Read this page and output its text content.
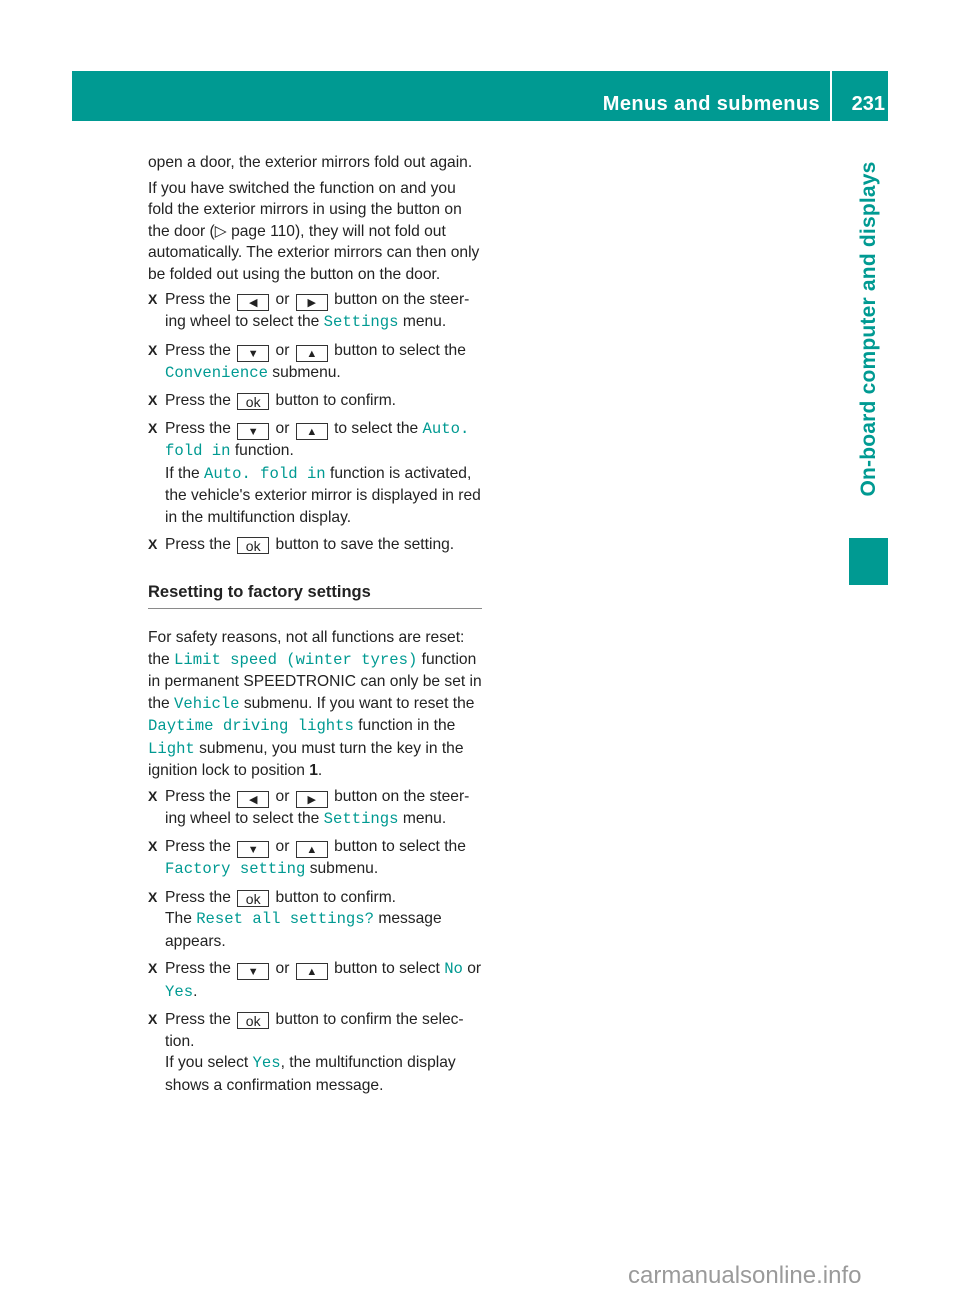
Menus and submenus 231
On-board computer and displays

open a door, the exterior mirrors fold out again.

If you have switched the function on and you fold the exterior mirrors in using the button on the door (▷ page 110), they will not fold out automatically. The exterior mirrors can then only be folded out using the button on the door.

X Press the ◀ or ▶ button on the steer-ing wheel to select the Settings menu.
X Press the ▼ or ▲ button to select the Convenience submenu.
X Press the ok button to confirm.
X Press the ▼ or ▲ to select the Auto. fold in function.
If the Auto. fold in function is activated, the vehicle's exterior mirror is displayed in red in the multifunction display.
X Press the ok button to save the setting.
Resetting to factory settings

For safety reasons, not all functions are reset: the Limit speed (winter tyres) function in permanent SPEEDTRONIC can only be set in the Vehicle submenu. If you want to reset the Daytime driving lights function in the Light submenu, you must turn the key in the ignition lock to position 1.

X Press the ◀ or ▶ button on the steer-ing wheel to select the Settings menu.
X Press the ▼ or ▲ button to select the Factory setting submenu.
X Press the ok button to confirm.
The Reset all settings? message appears.
X Press the ▼ or ▲ button to select No or Yes.
X Press the ok button to confirm the selec-tion.
If you select Yes, the multifunction display shows a confirmation message.
carmanualsonline.info
